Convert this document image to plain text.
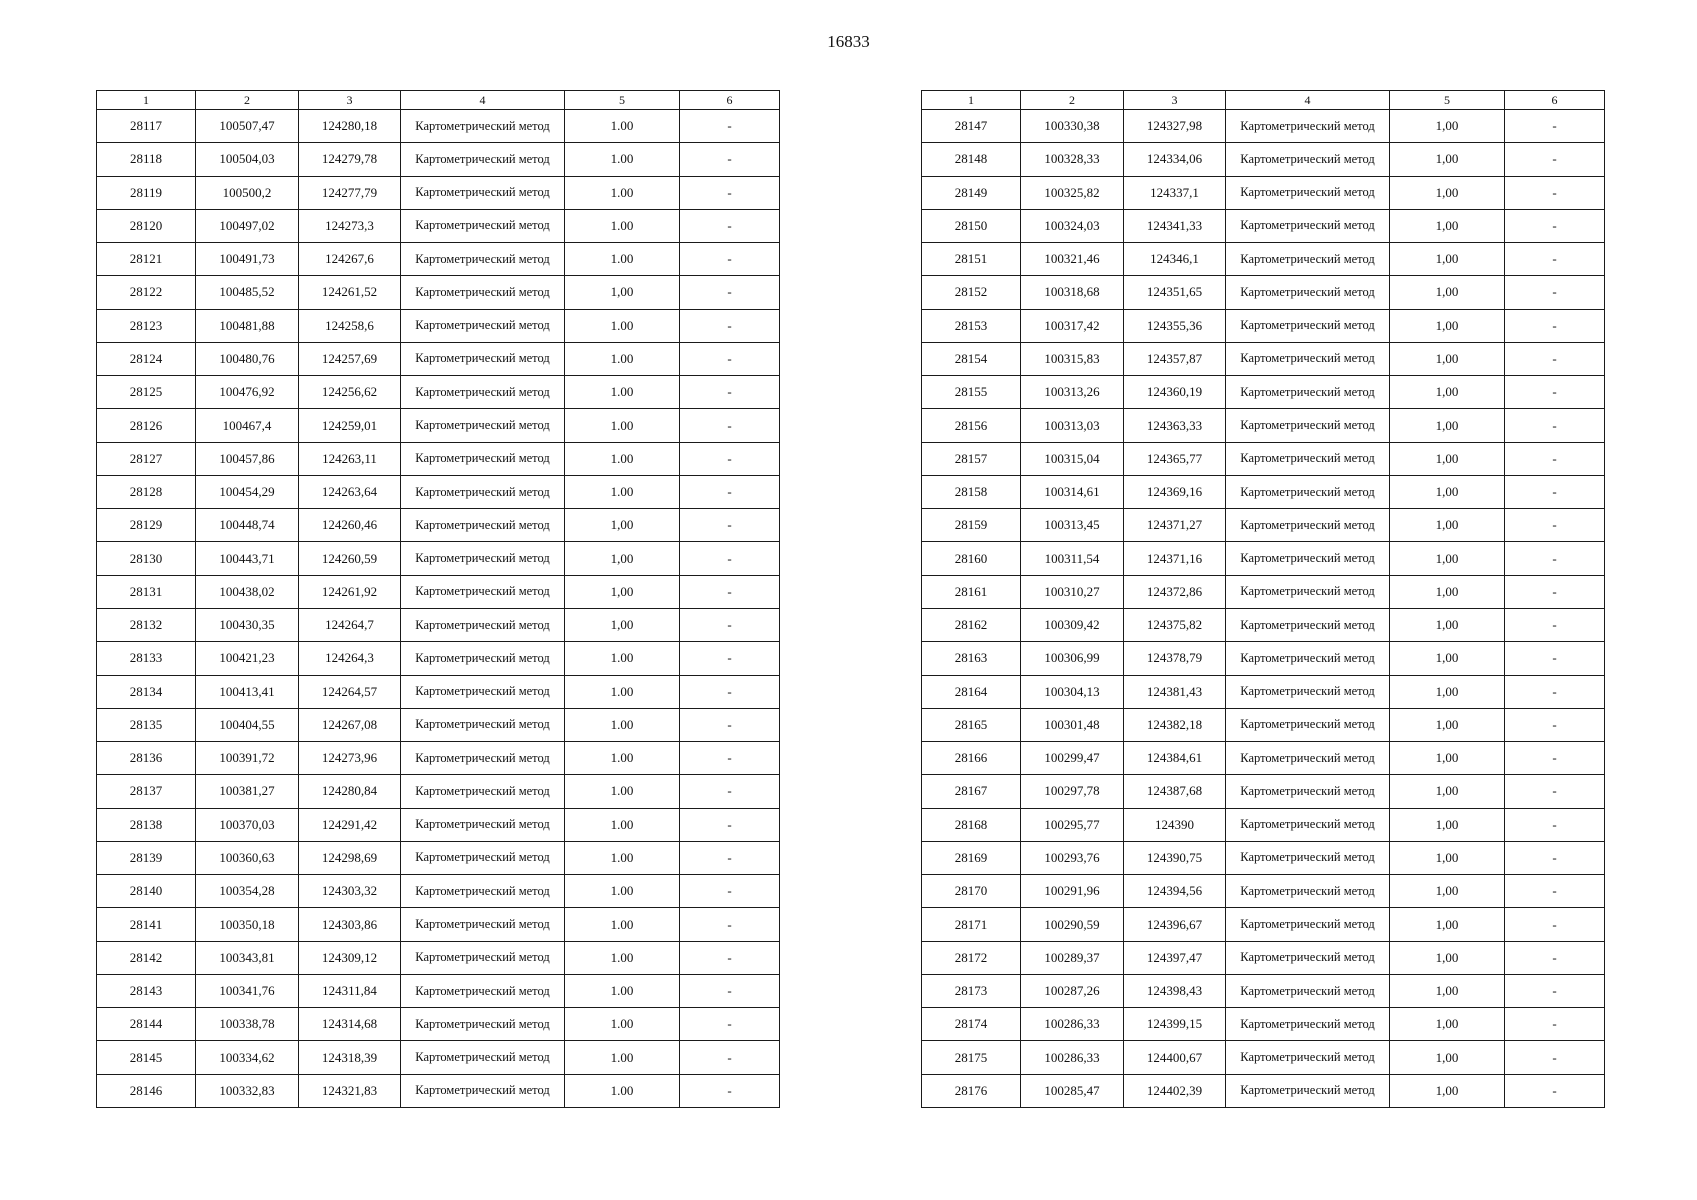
16833
1	2	3	4	5	6
28117	100507,47	124280,18	Картометрический метод	1.00	-
28118	100504,03	124279,78	Картометрический метод	1.00	-
28119	100500,2	124277,79	Картометрический метод	1.00	-
28120	100497,02	124273,3	Картометрический метод	1.00	-
28121	100491,73	124267,6	Картометрический метод	1.00	-
28122	100485,52	124261,52	Картометрический метод	1,00	-
28123	100481,88	124258,6	Картометрический метод	1.00	-
28124	100480,76	124257,69	Картометрический метод	1.00	-
28125	100476,92	124256,62	Картометрический метод	1.00	-
28126	100467,4	124259,01	Картометрический метод	1.00	-
28127	100457,86	124263,11	Картометрический метод	1.00	-
28128	100454,29	124263,64	Картометрический метод	1.00	-
28129	100448,74	124260,46	Картометрический метод	1,00	-
28130	100443,71	124260,59	Картометрический метод	1,00	-
28131	100438,02	124261,92	Картометрический метод	1,00	-
28132	100430,35	124264,7	Картометрический метод	1,00	-
28133	100421,23	124264,3	Картометрический метод	1.00	-
28134	100413,41	124264,57	Картометрический метод	1.00	-
28135	100404,55	124267,08	Картометрический метод	1.00	-
28136	100391,72	124273,96	Картометрический метод	1.00	-
28137	100381,27	124280,84	Картометрический метод	1.00	-
28138	100370,03	124291,42	Картометрический метод	1.00	-
28139	100360,63	124298,69	Картометрический метод	1.00	-
28140	100354,28	124303,32	Картометрический метод	1.00	-
28141	100350,18	124303,86	Картометрический метод	1.00	-
28142	100343,81	124309,12	Картометрический метод	1.00	-
28143	100341,76	124311,84	Картометрический метод	1.00	-
28144	100338,78	124314,68	Картометрический метод	1.00	-
28145	100334,62	124318,39	Картометрический метод	1.00	-
28146	100332,83	124321,83	Картометрический метод	1.00	-
1	2	3	4	5	6
28147	100330,38	124327,98	Картометрический метод	1,00	-
28148	100328,33	124334,06	Картометрический метод	1,00	-
28149	100325,82	124337,1	Картометрический метод	1,00	-
28150	100324,03	124341,33	Картометрический метод	1,00	-
28151	100321,46	124346,1	Картометрический метод	1,00	-
28152	100318,68	124351,65	Картометрический метод	1,00	-
28153	100317,42	124355,36	Картометрический метод	1,00	-
28154	100315,83	124357,87	Картометрический метод	1,00	-
28155	100313,26	124360,19	Картометрический метод	1,00	-
28156	100313,03	124363,33	Картометрический метод	1,00	-
28157	100315,04	124365,77	Картометрический метод	1,00	-
28158	100314,61	124369,16	Картометрический метод	1,00	-
28159	100313,45	124371,27	Картометрический метод	1,00	-
28160	100311,54	124371,16	Картометрический метод	1,00	-
28161	100310,27	124372,86	Картометрический метод	1,00	-
28162	100309,42	124375,82	Картометрический метод	1,00	-
28163	100306,99	124378,79	Картометрический метод	1,00	-
28164	100304,13	124381,43	Картометрический метод	1,00	-
28165	100301,48	124382,18	Картометрический метод	1,00	-
28166	100299,47	124384,61	Картометрический метод	1,00	-
28167	100297,78	124387,68	Картометрический метод	1,00	-
28168	100295,77	124390	Картометрический метод	1,00	-
28169	100293,76	124390,75	Картометрический метод	1,00	-
28170	100291,96	124394,56	Картометрический метод	1,00	-
28171	100290,59	124396,67	Картометрический метод	1,00	-
28172	100289,37	124397,47	Картометрический метод	1,00	-
28173	100287,26	124398,43	Картометрический метод	1,00	-
28174	100286,33	124399,15	Картометрический метод	1,00	-
28175	100286,33	124400,67	Картометрический метод	1,00	-
28176	100285,47	124402,39	Картометрический метод	1,00	-
